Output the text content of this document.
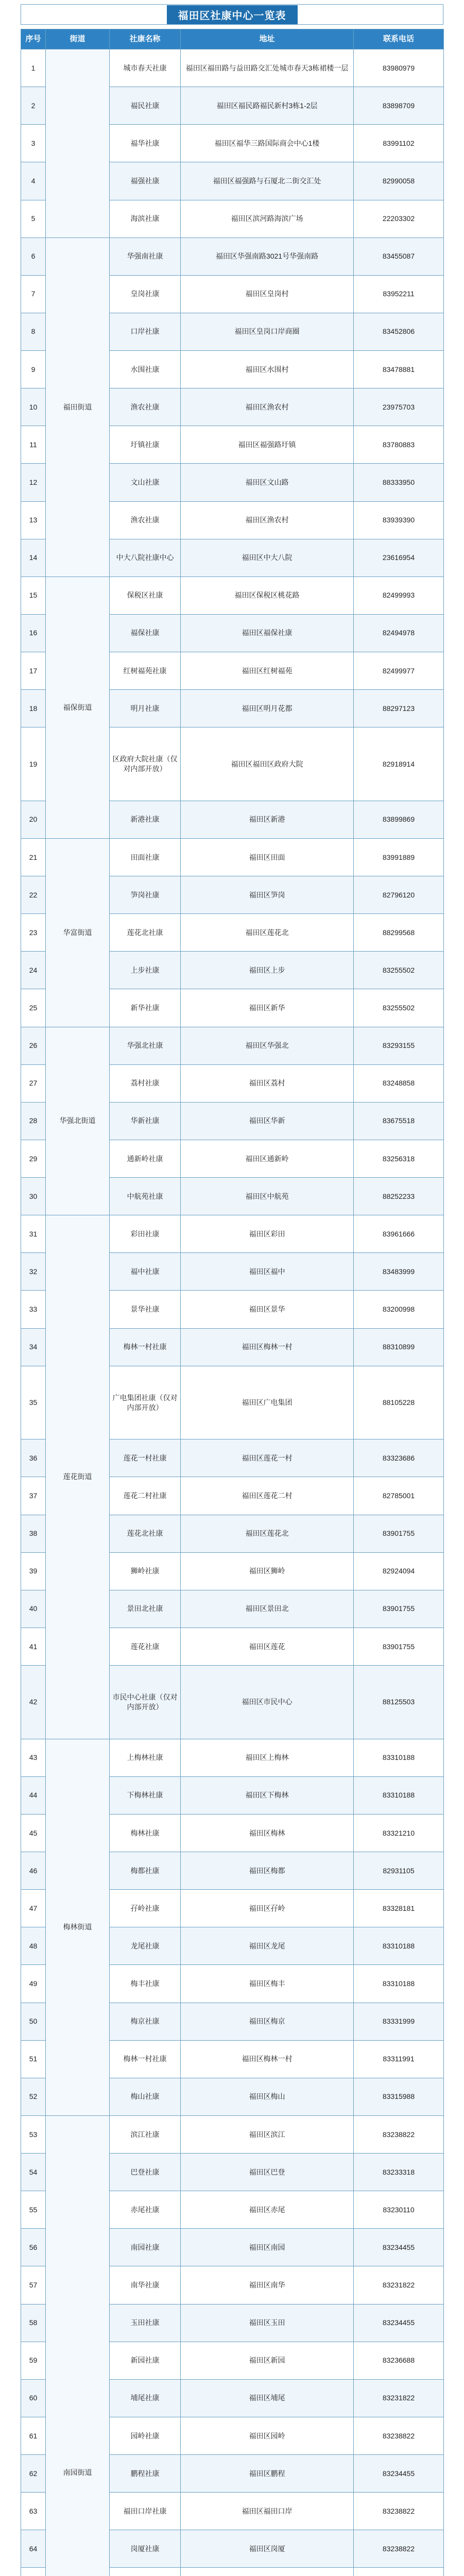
福田区社康中心一览表
序号	街道	社康名称	地址	联系电话
1		城市春天社康	福田区福田路与益田路交汇处城市春天3栋裙楼一层	83980979
2		福民社康	福田区福民路福民新村3栋1-2层	83898709
3		福华社康	福田区福华三路国际商会中心1楼	83991102
4		福强社康	福田区福强路与石厦北二街交汇处	82990058
5		海滨社康	福田区滨河路海滨广场	22203302
6	福田街道	华强南社康	福田区华强南路3021号华强南路	83455087
7		皇岗社康	福田区皇岗村	83952211
8		口岸社康	福田区皇岗口岸商圈	83452806
9		水围社康	福田区水围村	83478881
10		渔农社康	福田区渔农村	23975703
11		圩镇社康	福田区福强路圩镇	83780883
12		文山社康	福田区文山路	88333950
13		渔农社康	福田区渔农村	83939390
14		中大八院社康中心	福田区中大八院	23616954
15	福保街道	保税区社康	福田区保税区桃花路	82499993
16		福保社康	福田区福保社康	82494978
17		红树福苑社康	福田区红树福苑	82499977
18		明月社康	福田区明月花都	88297123
19		区政府大院社康（仅对内部开放）	福田区福田区政府大院	82918914
20		新港社康	福田区新港	83899869
21	华富街道	田面社康	福田区田面	83991889
22		笋岗社康	福田区笋岗	82796120
23		莲花北社康	福田区莲花北	88299568
24		上步社康	福田区上步	83255502
25		新华社康	福田区新华	83255502
26	华强北街道	华强北社康	福田区华强北	83293155
27		荔村社康	福田区荔村	83248858
28		华新社康	福田区华新	83675518
29		通新岭社康	福田区通新岭	83256318
30		中航苑社康	福田区中航苑	88252233
31	莲花街道	彩田社康	福田区彩田	83961666
32		福中社康	福田区福中	83483999
33		景华社康	福田区景华	83200998
34		梅林一村社康	福田区梅林一村	88310899
35		广电集团社康（仅对内部开放）	福田区广电集团	88105228
36		莲花一村社康	福田区莲花一村	83323686
37		莲花二村社康	福田区莲花二村	82785001
38		莲花北社康	福田区莲花北	83901755
39		狮岭社康	福田区狮岭	82924094
40		景田北社康	福田区景田北	83901755
41		莲花社康	福田区莲花	83901755
42		市民中心社康（仅对内部开放）	福田区市民中心	88125503
43	梅林街道	上梅林社康	福田区上梅林	83310188
44		下梅林社康	福田区下梅林	83310188
45		梅林社康	福田区梅林	83321210
46		梅都社康	福田区梅都	82931105
47		孖岭社康	福田区孖岭	83328181
48		龙尾社康	福田区龙尾	83310188
49		梅丰社康	福田区梅丰	83310188
50		梅京社康	福田区梅京	83331999
51		梅林一村社康	福田区梅林一村	83311991
52		梅山社康	福田区梅山	83315988
53	南园街道	滨江社康	福田区滨江	83238822
54		巴登社康	福田区巴登	83233318
55		赤尾社康	福田区赤尾	83230110
56		南园社康	福田区南园	83234455
57		南华社康	福田区南华	83231822
58		玉田社康	福田区玉田	83234455
59		新园社康	福田区新园	83236688
60		埔尾社康	福田区埔尾	83231822
61		园岭社康	福田区园岭	83238822
62		鹏程社康	福田区鹏程	83234455
63		福田口岸社康	福田区福田口岸	83238822
64		岗厦社康	福田区岗厦	83238822
